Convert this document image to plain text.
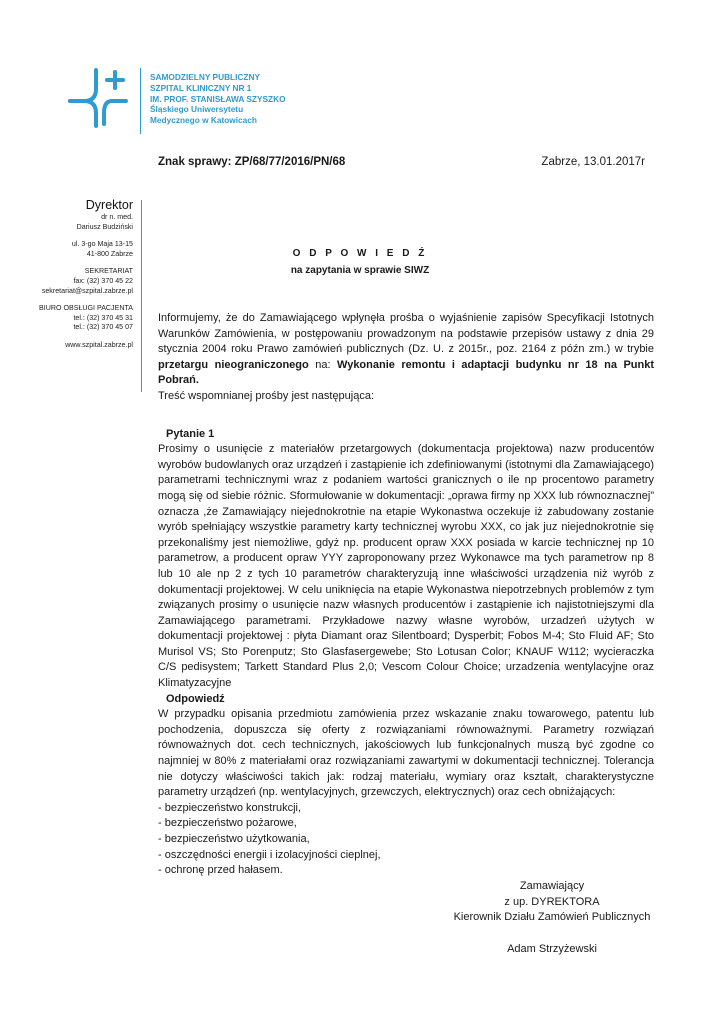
SAMODZIELNY PUBLICZNY
SZPITAL KLINICZNY NR 1
IM. PROF. STANISŁAWA SZYSZKO
Śląskiego Uniwersytetu
Medycznego w Katowicach
Znak sprawy: ZP/68/77/2016/PN/68	Zabrze, 13.01.2017r
Dyrektor
dr n. med.
Dariusz Budziński
ul. 3-go Maja 13-15
41-800 Zabrze
SEKRETARIAT
fax: (32) 370 45 22
sekretariat@szpital.zabrze.pl
BIURO OBSŁUGI PACJENTA
tel.: (32) 370 45 31
tel.: (32) 370 45 07
www.szpital.zabrze.pl
O D P O W I E D Ź
na zapytania w sprawie SIWZ

Informujemy, że do Zamawiającego wpłynęła prośba o wyjaśnienie zapisów Specyfikacji Istotnych Warunków Zamówienia, w postępowaniu prowadzonym na podstawie przepisów ustawy z dnia 29 stycznia 2004 roku Prawo zamówień publicznych (Dz. U. z 2015r., poz. 2164 z późn zm.) w trybie przetargu nieograniczonego na: Wykonanie remontu i adaptacji budynku nr 18 na Punkt Pobrań.

Treść wspomnianej prośby jest następująca:

Pytanie 1

Prosimy o usunięcie z materiałów przetargowych (dokumentacja projektowa) nazw producentów wyrobów budowlanych oraz urządzeń i zastąpienie ich zdefiniowanymi (istotnymi dla Zamawiającego) parametrami technicznymi wraz z podaniem wartości granicznych o ile np procentowo parametry mogą się od siebie różnic. Sformułowanie w dokumentacji: „oprawa firmy np XXX lub równoznacznej” oznacza ,że Zamawiający niejednokrotnie na etapie Wykonastwa oczekuje iż zabudowany zostanie wyrób spełniający wszystkie parametry karty technicznej wyrobu XXX, co jak juz niejednokrotnie się przekonaliśmy jest niemożliwe, gdyż np. producent opraw XXX posiada w karcie technicznej np 10 parametrow, a producent opraw YYY zaproponowany przez Wykonawce ma tych parametrow np 8 lub 10 ale np 2 z tych 10 parametrów charakteryzują inne właściwości urządzenia niż wyrób z dokumentacji projektowej. W celu uniknięcia na etapie Wykonastwa niepotrzebnych problemów z tym związanych prosimy o usunięcie nazw własnych producentów i zastąpienie ich najistotniejszymi dla Zamawiającego parametrami. Przykładowe nazwy własne wyrobów, urzadzeń użytych w dokumentacji projektowej : płyta Diamant oraz Silentboard; Dysperbit; Fobos M-4; Sto Fluid AF; Sto Murisol VS; Sto Porenputz; Sto Glasfasergewebe; Sto Lotusan Color; KNAUF W112; wycieraczka C/S pedisystem; Tarkett Standard Plus 2,0; Vescom Colour Choice; urzadzenia wentylacyjne oraz Klimatyzacyjne

Odpowiedź

W przypadku opisania przedmiotu zamówienia przez wskazanie znaku towarowego, patentu lub pochodzenia, dopuszcza się oferty z rozwiązaniami równoważnymi. Parametry rozwiązań równoważnych dot. cech technicznych, jakościowych lub funkcjonalnych muszą być zgodne co najmniej w 80% z materiałami oraz rozwiązaniami zawartymi w dokumentacji technicznej. Tolerancja nie dotyczy właściwości takich jak: rodzaj materiału, wymiary oraz kształt, charakterystyczne parametry urządzeń (np. wentylacyjnych, grzewczych, elektrycznych) oraz cech obniżających:

- bezpieczeństwo konstrukcji,
- bezpieczeństwo pożarowe,
- bezpieczeństwo użytkowania,
- oszczędności energii i izolacyjności cieplnej,
- ochronę przed hałasem.
Zamawiający
z up. DYREKTORA
Kierownik Działu Zamówień Publicznych
Adam Strzyżewski
